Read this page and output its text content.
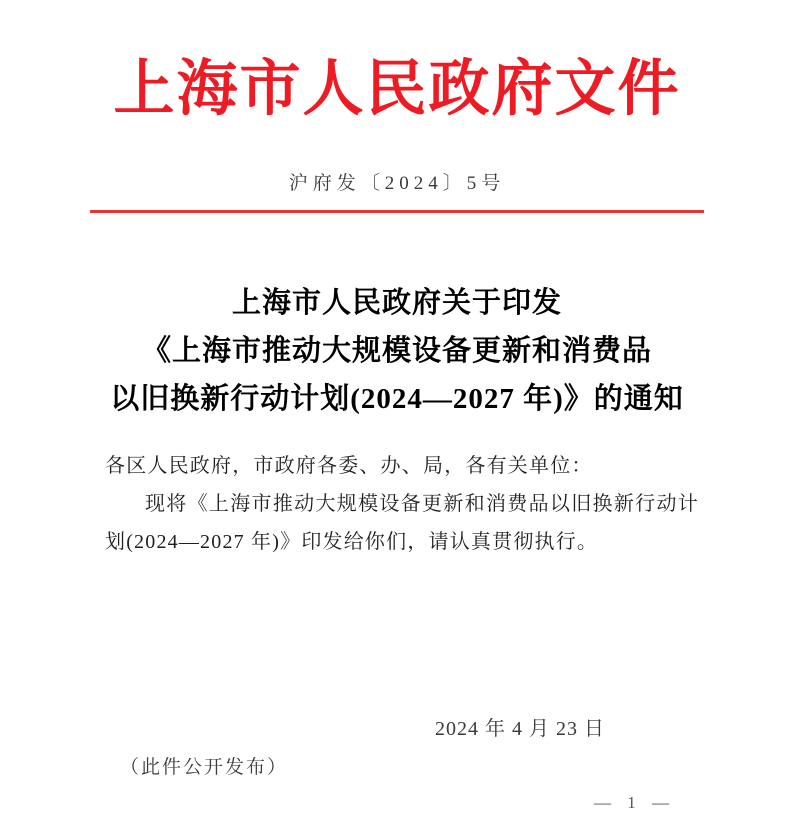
上海市人民政府文件
沪府发〔2024〕5号
上海市人民政府关于印发
《上海市推动大规模设备更新和消费品
以旧换新行动计划(2024—2027 年)》的通知

各区人民政府，市政府各委、办、局，各有关单位：

现将《上海市推动大规模设备更新和消费品以旧换新行动计划(2024—2027 年)》印发给你们，请认真贯彻执行。

2024 年 4 月 23 日
（此件公开发布）
— 1 —
